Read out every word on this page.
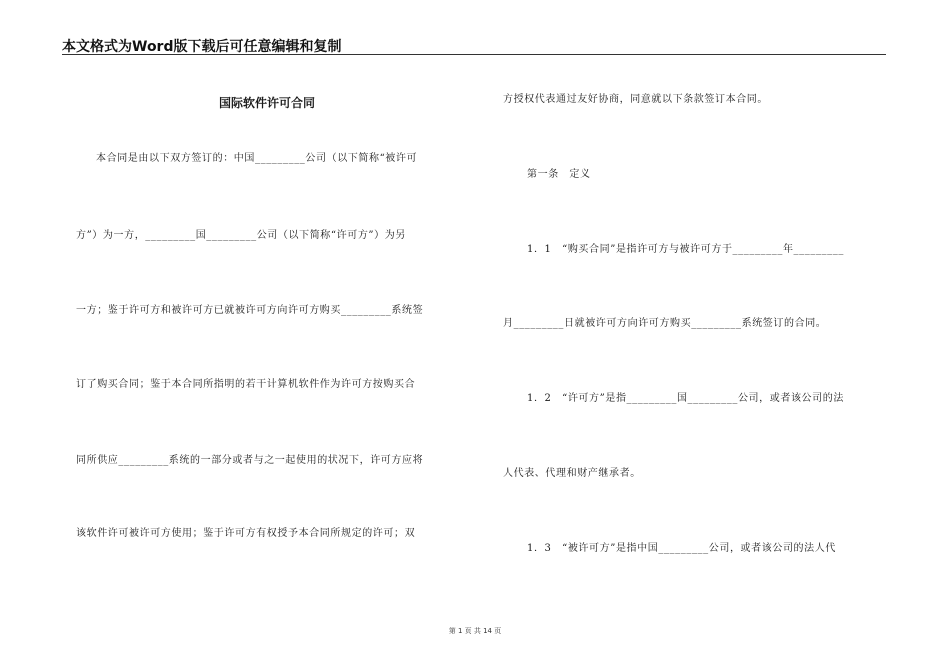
本文格式为Word版下载后可任意编辑和复制
国际软件许可合同
本合同是由以下双方签订的：中国_________公司（以下简称“被许可
方”）为一方，_________国_________公司（以下简称“许可方”）为另
一方；鉴于许可方和被许可方已就被许可方向许可方购买_________系统签
订了购买合同；鉴于本合同所指明的若干计算机软件作为许可方按购买合
同所供应_________系统的一部分或者与之一起使用的状况下，许可方应将
该软件许可被许可方使用；鉴于许可方有权授予本合同所规定的许可；双
方授权代表通过友好协商，同意就以下条款签订本合同。
第一条　定义
1．1　“购买合同”是指许可方与被许可方于_________年_________
月_________日就被许可方向许可方购买_________系统签订的合同。
1．2　“许可方”是指_________国_________公司，或者该公司的法
人代表、代理和财产继承者。
1．3　“被许可方”是指中国_________公司，或者该公司的法人代
第 1 页 共 14 页
